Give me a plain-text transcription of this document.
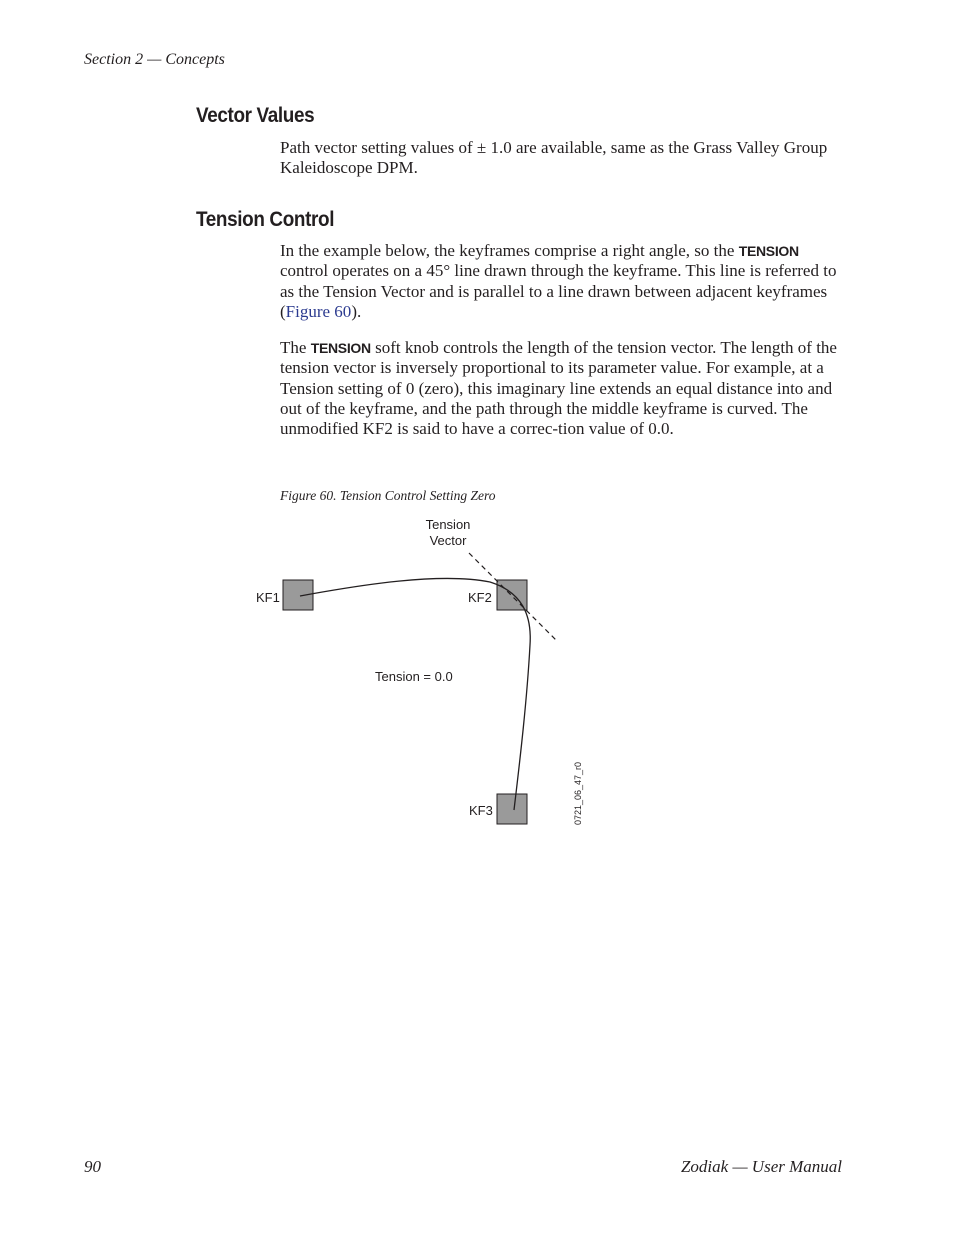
Section 2 — Concepts
Vector Values

Path vector setting values of ± 1.0 are available, same as the Grass Valley Group Kaleidoscope DPM.

Tension Control

In the example below, the keyframes comprise a right angle, so the TENSION control operates on a 45° line drawn through the keyframe. This line is referred to as the Tension Vector and is parallel to a line drawn between adjacent keyframes (Figure 60).

The TENSION soft knob controls the length of the tension vector. The length of the tension vector is inversely proportional to its parameter value. For example, at a Tension setting of 0 (zero), this imaginary line extends an equal distance into and out of the keyframe, and the path through the middle keyframe is curved. The unmodified KF2 is said to have a correc-tion value of 0.0.

Figure 60. Tension Control Setting Zero
Tension
Vector
KF1	KF2
KF3
Tension = 0.0
0721_06_47_r0
90	Zodiak — User Manual
